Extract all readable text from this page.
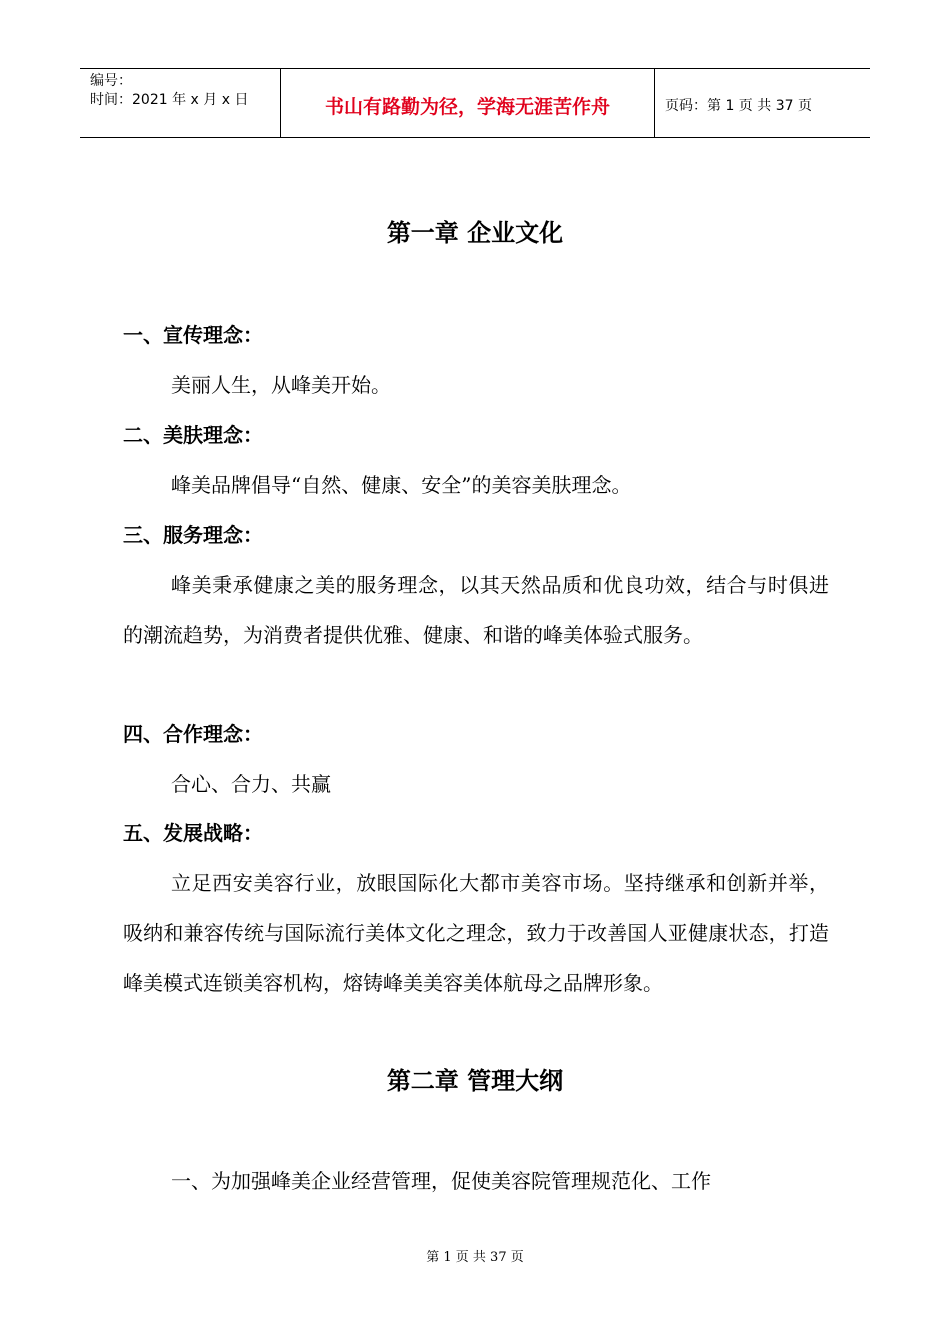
编号：
时间：2021 年 x 月 x 日	书山有路勤为径，学海无涯苦作舟	页码：第 1 页 共 37 页
第一章 企业文化
一、宣传理念：
美丽人生，从峰美开始。
二、美肤理念：
峰美品牌倡导“自然、健康、安全”的美容美肤理念。
三、服务理念：
峰美秉承健康之美的服务理念，以其天然品质和优良功效，结合与时俱进的潮流趋势，为消费者提供优雅、健康、和谐的峰美体验式服务。
四、合作理念：
合心、合力、共赢
五、发展战略：
立足西安美容行业，放眼国际化大都市美容市场。坚持继承和创新并举，吸纳和兼容传统与国际流行美体文化之理念，致力于改善国人亚健康状态，打造峰美模式连锁美容机构，熔铸峰美美容美体航母之品牌形象。
第二章 管理大纲
一、为加强峰美企业经营管理，促使美容院管理规范化、工作
第 1 页 共 37 页
